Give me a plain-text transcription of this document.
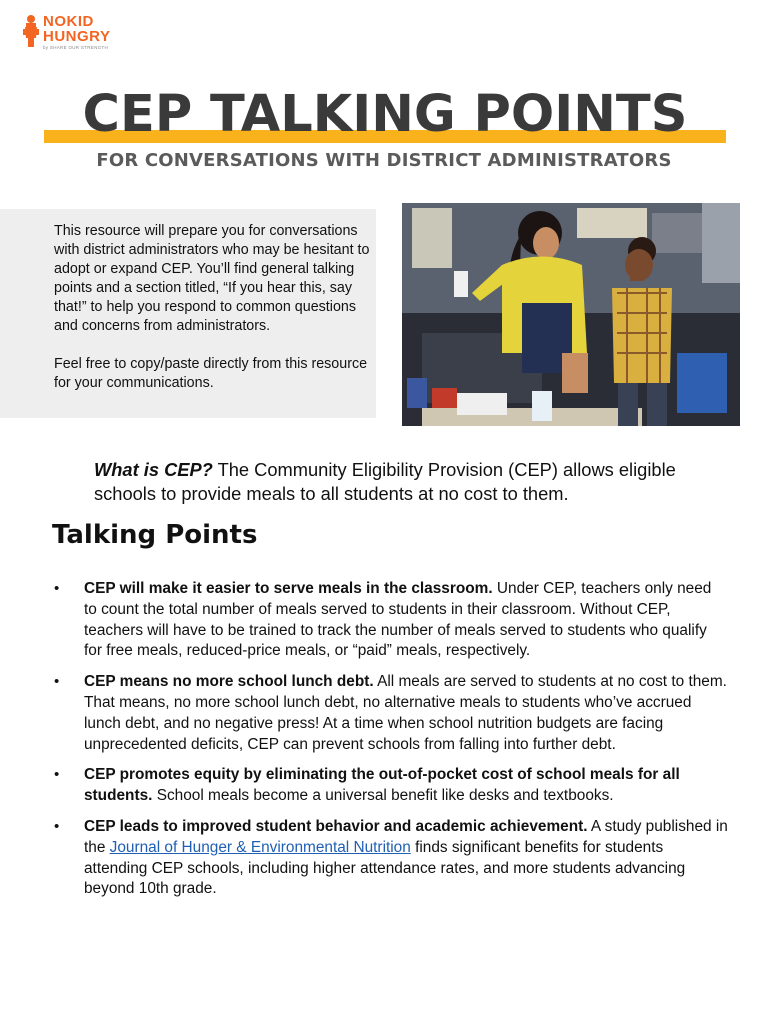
NOKID
HUNGRY
by SHARE OUR STRENGTH
CEP TALKING POINTS
FOR CONVERSATIONS WITH DISTRICT ADMINISTRATORS

This resource will prepare you for conversations with district administrators who may be hesitant to adopt or expand CEP. You’ll find general talking points and a section titled, “If you hear this, say that!” to help you respond to common questions and concerns from administrators.

Feel free to copy/paste directly from this resource for your communications.

What is CEP? The Community Eligibility Provision (CEP) allows eligible schools to provide meals to all students at no cost to them.
Talking Points
• CEP will make it easier to serve meals in the classroom. Under CEP, teachers only need to count the total number of meals served to students in their classroom. Without CEP, teachers will have to be trained to track the number of meals served to students who qualify for free meals, reduced-price meals, or “paid” meals, respectively.
• CEP means no more school lunch debt. All meals are served to students at no cost to them. That means, no more school lunch debt, no alternative meals to students who’ve accrued lunch debt, and no negative press! At a time when school nutrition budgets are facing unprecedented deficits, CEP can prevent schools from falling into further debt.
• CEP promotes equity by eliminating the out-of-pocket cost of school meals for all students. School meals become a universal benefit like desks and textbooks.
• CEP leads to improved student behavior and academic achievement. A study published in the Journal of Hunger & Environmental Nutrition finds significant benefits for students attending CEP schools, including higher attendance rates, and more students advancing beyond 10th grade.
